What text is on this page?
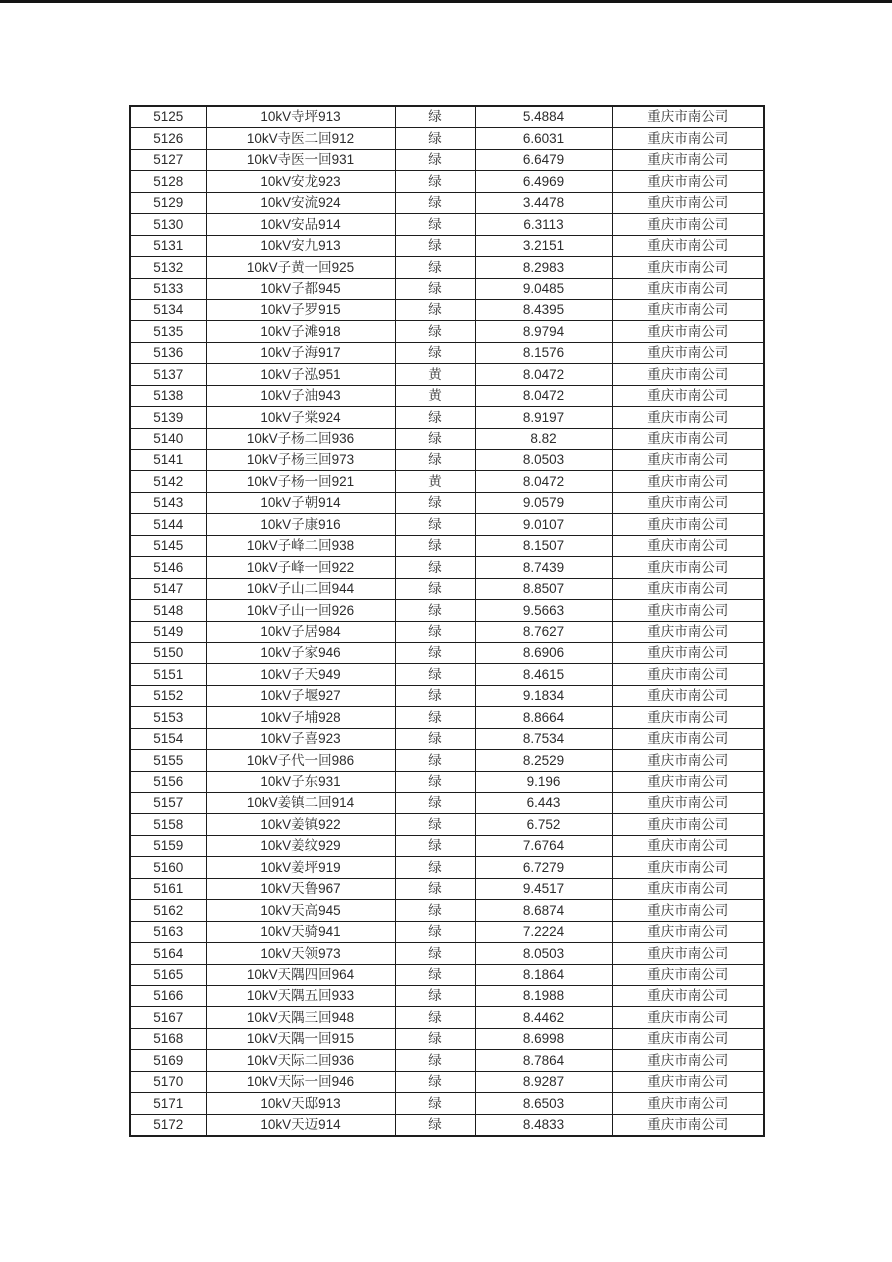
5125	10kV寺坪913	绿	5.4884	重庆市南公司
5126	10kV寺医二回912	绿	6.6031	重庆市南公司
5127	10kV寺医一回931	绿	6.6479	重庆市南公司
5128	10kV安龙923	绿	6.4969	重庆市南公司
5129	10kV安流924	绿	3.4478	重庆市南公司
5130	10kV安品914	绿	6.3113	重庆市南公司
5131	10kV安九913	绿	3.2151	重庆市南公司
5132	10kV子黄一回925	绿	8.2983	重庆市南公司
5133	10kV子都945	绿	9.0485	重庆市南公司
5134	10kV子罗915	绿	8.4395	重庆市南公司
5135	10kV子滩918	绿	8.9794	重庆市南公司
5136	10kV子海917	绿	8.1576	重庆市南公司
5137	10kV子泓951	黄	8.0472	重庆市南公司
5138	10kV子油943	黄	8.0472	重庆市南公司
5139	10kV子棠924	绿	8.9197	重庆市南公司
5140	10kV子杨二回936	绿	8.82	重庆市南公司
5141	10kV子杨三回973	绿	8.0503	重庆市南公司
5142	10kV子杨一回921	黄	8.0472	重庆市南公司
5143	10kV子朝914	绿	9.0579	重庆市南公司
5144	10kV子康916	绿	9.0107	重庆市南公司
5145	10kV子峰二回938	绿	8.1507	重庆市南公司
5146	10kV子峰一回922	绿	8.7439	重庆市南公司
5147	10kV子山二回944	绿	8.8507	重庆市南公司
5148	10kV子山一回926	绿	9.5663	重庆市南公司
5149	10kV子居984	绿	8.7627	重庆市南公司
5150	10kV子家946	绿	8.6906	重庆市南公司
5151	10kV子天949	绿	8.4615	重庆市南公司
5152	10kV子堰927	绿	9.1834	重庆市南公司
5153	10kV子埔928	绿	8.8664	重庆市南公司
5154	10kV子喜923	绿	8.7534	重庆市南公司
5155	10kV子代一回986	绿	8.2529	重庆市南公司
5156	10kV子东931	绿	9.196	重庆市南公司
5157	10kV姜镇二回914	绿	6.443	重庆市南公司
5158	10kV姜镇922	绿	6.752	重庆市南公司
5159	10kV姜纹929	绿	7.6764	重庆市南公司
5160	10kV姜坪919	绿	6.7279	重庆市南公司
5161	10kV天鲁967	绿	9.4517	重庆市南公司
5162	10kV天高945	绿	8.6874	重庆市南公司
5163	10kV天骑941	绿	7.2224	重庆市南公司
5164	10kV天领973	绿	8.0503	重庆市南公司
5165	10kV天隅四回964	绿	8.1864	重庆市南公司
5166	10kV天隅五回933	绿	8.1988	重庆市南公司
5167	10kV天隅三回948	绿	8.4462	重庆市南公司
5168	10kV天隅一回915	绿	8.6998	重庆市南公司
5169	10kV天际二回936	绿	8.7864	重庆市南公司
5170	10kV天际一回946	绿	8.9287	重庆市南公司
5171	10kV天邸913	绿	8.6503	重庆市南公司
5172	10kV天迈914	绿	8.4833	重庆市南公司
